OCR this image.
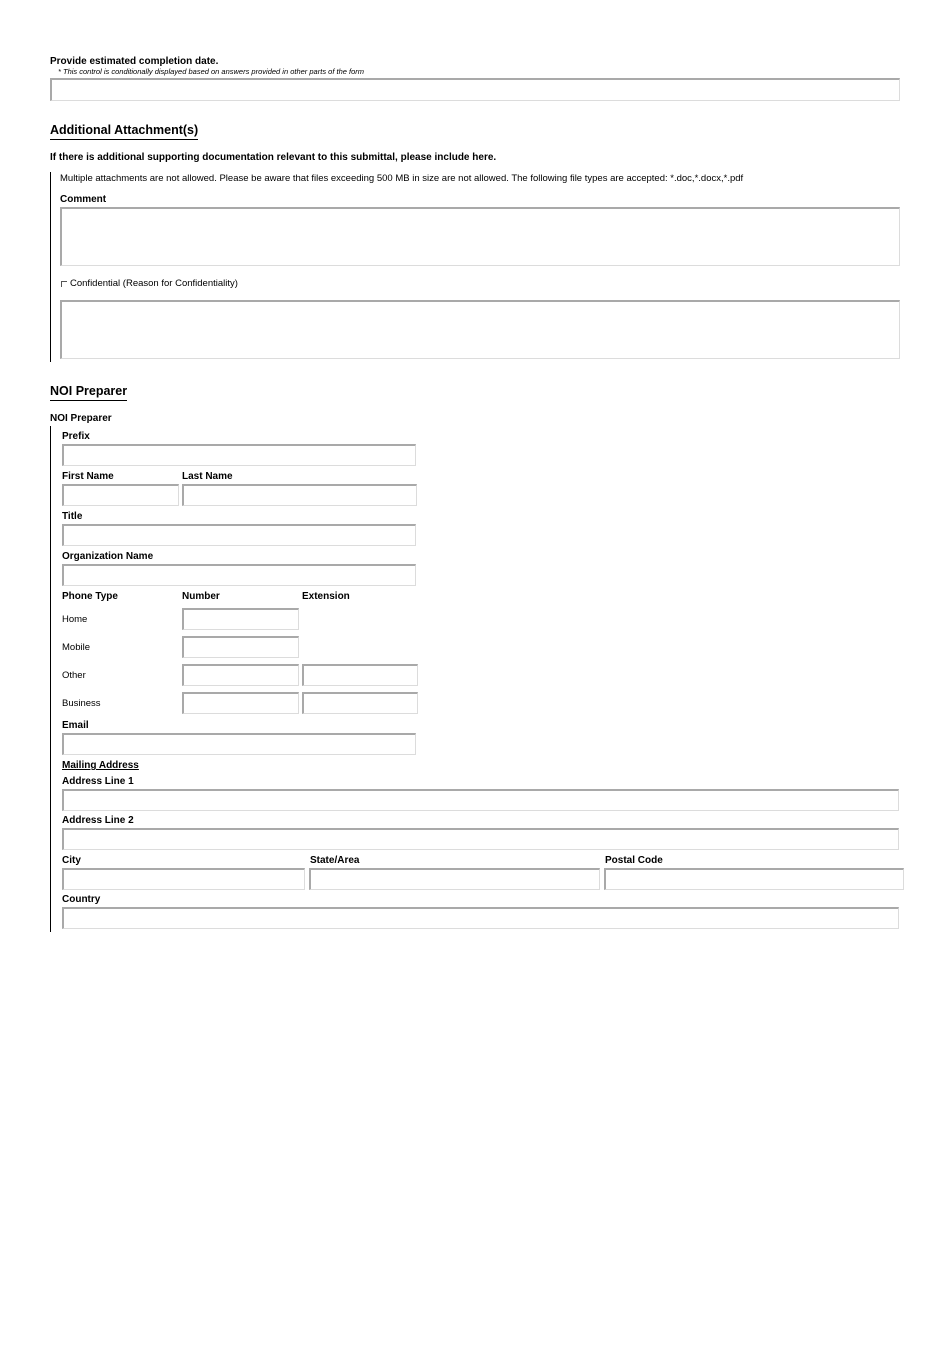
Provide estimated completion date.
* This control is conditionally displayed based on answers provided in other parts of the form
Additional Attachment(s)
If there is additional supporting documentation relevant to this submittal, please include here.
Multiple attachments are not allowed. Please be aware that files exceeding 500 MB in size are not allowed. The following file types are accepted: *.doc,*.docx,*.pdf
Comment
Confidential (Reason for Confidentiality)
NOI Preparer
NOI Preparer
Prefix
First Name	Last Name
Title
Organization Name
Phone Type	Number	Extension
Home
Mobile
Other
Business
Email
Mailing Address
Address Line 1
Address Line 2
City	State/Area	Postal Code
Country
